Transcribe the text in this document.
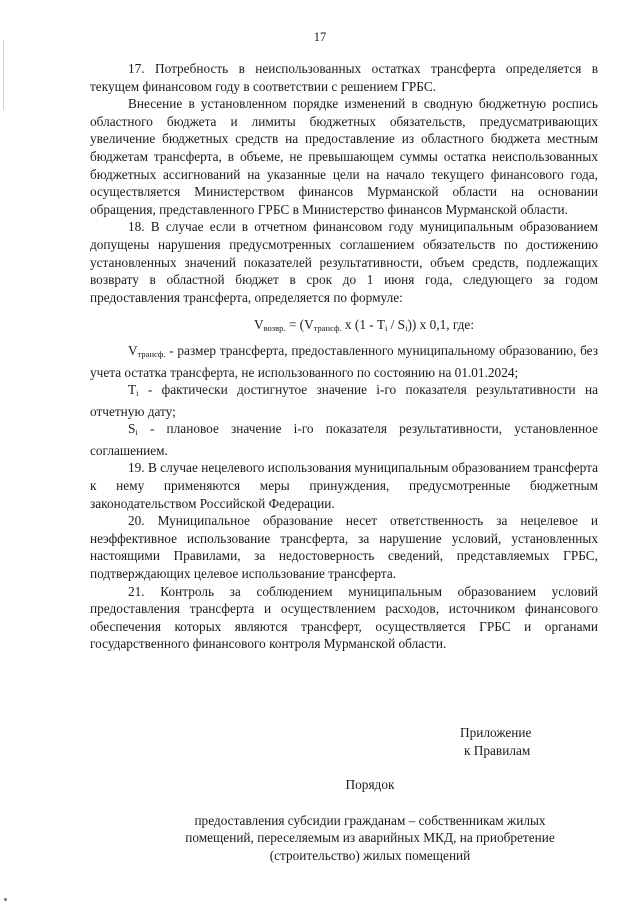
17

17. Потребность в неиспользованных остатках трансферта определяется в текущем финансовом году в соответствии с решением ГРБС.

Внесение в установленном порядке изменений в сводную бюджетную роспись областного бюджета и лимиты бюджетных обязательств, предусматривающих увеличение бюджетных средств на предоставление из областного бюджета местным бюджетам трансферта, в объеме, не превышающем суммы остатка неиспользованных бюджетных ассигнований на указанные цели на начало текущего финансового года, осуществляется Министерством финансов Мурманской области на основании обращения, представленного ГРБС в Министерство финансов Мурманской области.

18. В случае если в отчетном финансовом году муниципальным образованием допущены нарушения предусмотренных соглашением обязательств по достижению установленных значений показателей результативности, объем средств, подлежащих возврату в областной бюджет в срок до 1 июня года, следующего за годом предоставления трансферта, определяется по формуле:

$V_{возвр.} = (V_{трансф.}$ x $(1 - T_i / S_i)$) x 0,1, где:

$V_{трансф.}$ - размер трансферта, предоставленного муниципальному образованию, без учета остатка трансферта, не использованного по состоянию на 01.01.2024;

$T_i$ - фактически достигнутое значение i-го показателя результативности на отчетную дату;

$S_i$ - плановое значение i-го показателя результативности, установленное соглашением.

19. В случае нецелевого использования муниципальным образованием трансферта к нему применяются меры принуждения, предусмотренные бюджетным законодательством Российской Федерации.

20. Муниципальное образование несет ответственность за нецелевое и неэффективное использование трансферта, за нарушение условий, установленных настоящими Правилами, за недостоверность сведений, представляемых ГРБС, подтверждающих целевое использование трансферта.

21. Контроль за соблюдением муниципальным образованием условий предоставления трансферта и осуществлением расходов, источником финансового обеспечения которых являются трансферт, осуществляется ГРБС и органами государственного финансового контроля Мурманской области.

Приложение
к Правилам
Порядок
предоставления субсидии гражданам – собственникам жилых
помещений, переселяемым из аварийных МКД, на приобретение
(строительство) жилых помещений
